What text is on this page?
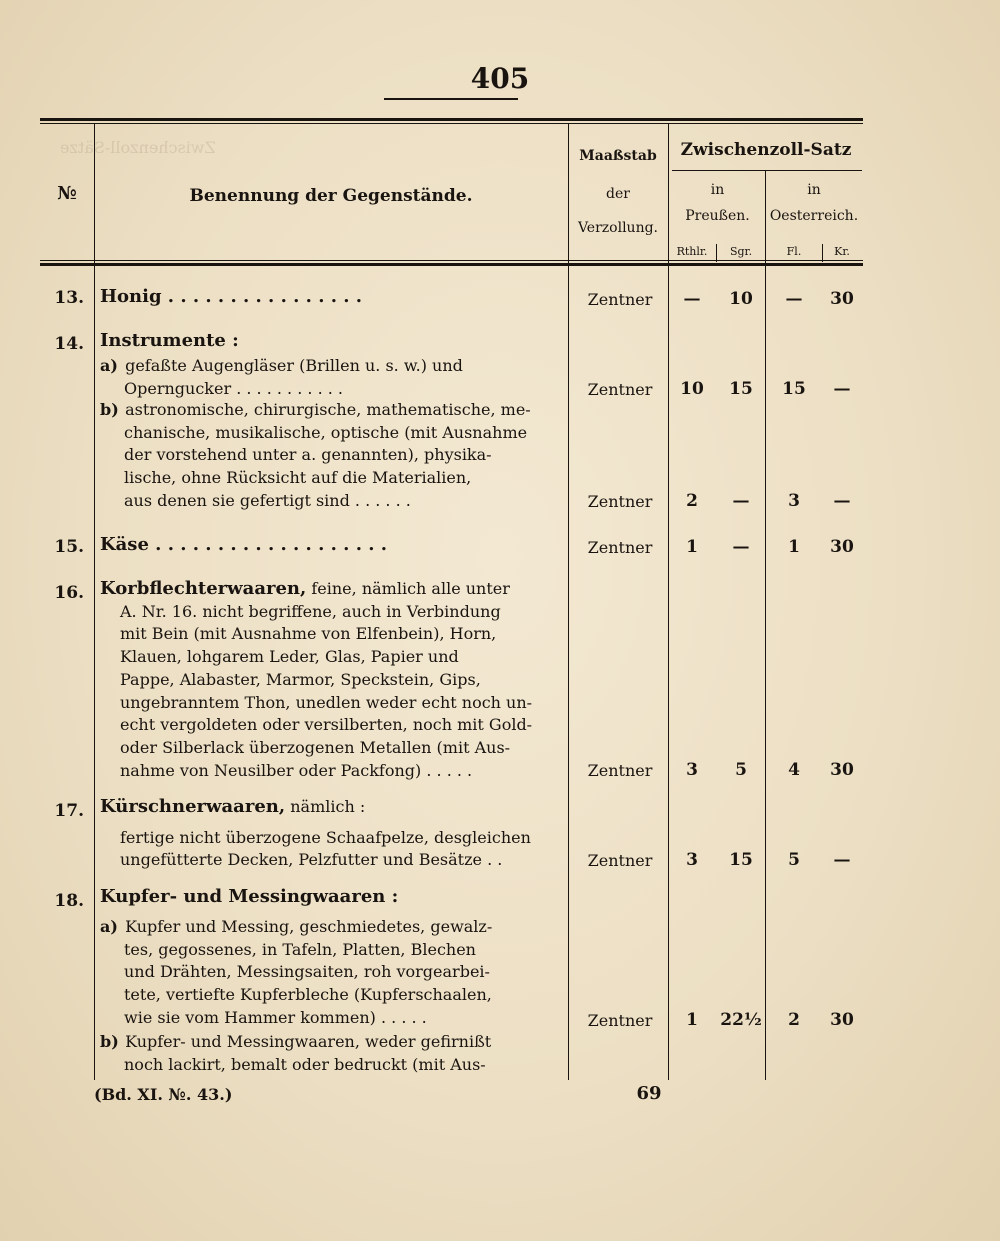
405
Zwischenzoll-Sätze
№	Benennung der Gegenstände.
Maaßstab
der
Verzollung.
Zwischenzoll-Satz
in
Preußen.
in
Oesterreich.
Rthlr.	Sgr.	Fl.	Kr.
13. Honig . . . . . . . . . . . . . . . .	Zentner	—	10	—	30
14. Instrumente :
a) gefaßte Augengläser (Brillen u. s. w.) und
Operngucker . . . . . . . . . . .	Zentner	10	15	15	—
b) astronomische, chirurgische, mathematische, me-
chanische, musikalische, optische (mit Ausnahme
der vorstehend unter a. genannten), physika-
lische, ohne Rücksicht auf die Materialien,
aus denen sie gefertigt sind . . . . . .	Zentner	2	—	3	—
15. Käse . . . . . . . . . . . . . . . . . . .	Zentner	1	—	1	30
16. Korbflechterwaaren, feine, nämlich alle unter
A. Nr. 16. nicht begriffene, auch in Verbindung
mit Bein (mit Ausnahme von Elfenbein), Horn,
Klauen, lohgarem Leder, Glas, Papier und
Pappe, Alabaster, Marmor, Speckstein, Gips,
ungebranntem Thon, unedlen weder echt noch un-
echt vergoldeten oder versilberten, noch mit Gold-
oder Silberlack überzogenen Metallen (mit Aus-
nahme von Neusilber oder Packfong) . . . . .	Zentner	3	5	4	30
17. Kürschnerwaaren, nämlich :
fertige nicht überzogene Schaafpelze, desgleichen
ungefütterte Decken, Pelzfutter und Besätze . .	Zentner	3	15	5	—
18. Kupfer- und Messingwaaren :
a) Kupfer und Messing, geschmiedetes, gewalz-
tes, gegossenes, in Tafeln, Platten, Blechen
und Drähten, Messingsaiten, roh vorgearbei-
tete, vertiefte Kupferbleche (Kupferschaalen,
wie sie vom Hammer kommen) . . . . .	Zentner	1	22½	2	30
b) Kupfer- und Messingwaaren, weder gefirnißt
noch lackirt, bemalt oder bedruckt (mit Aus-
(Bd. XI. №. 43.)	69
